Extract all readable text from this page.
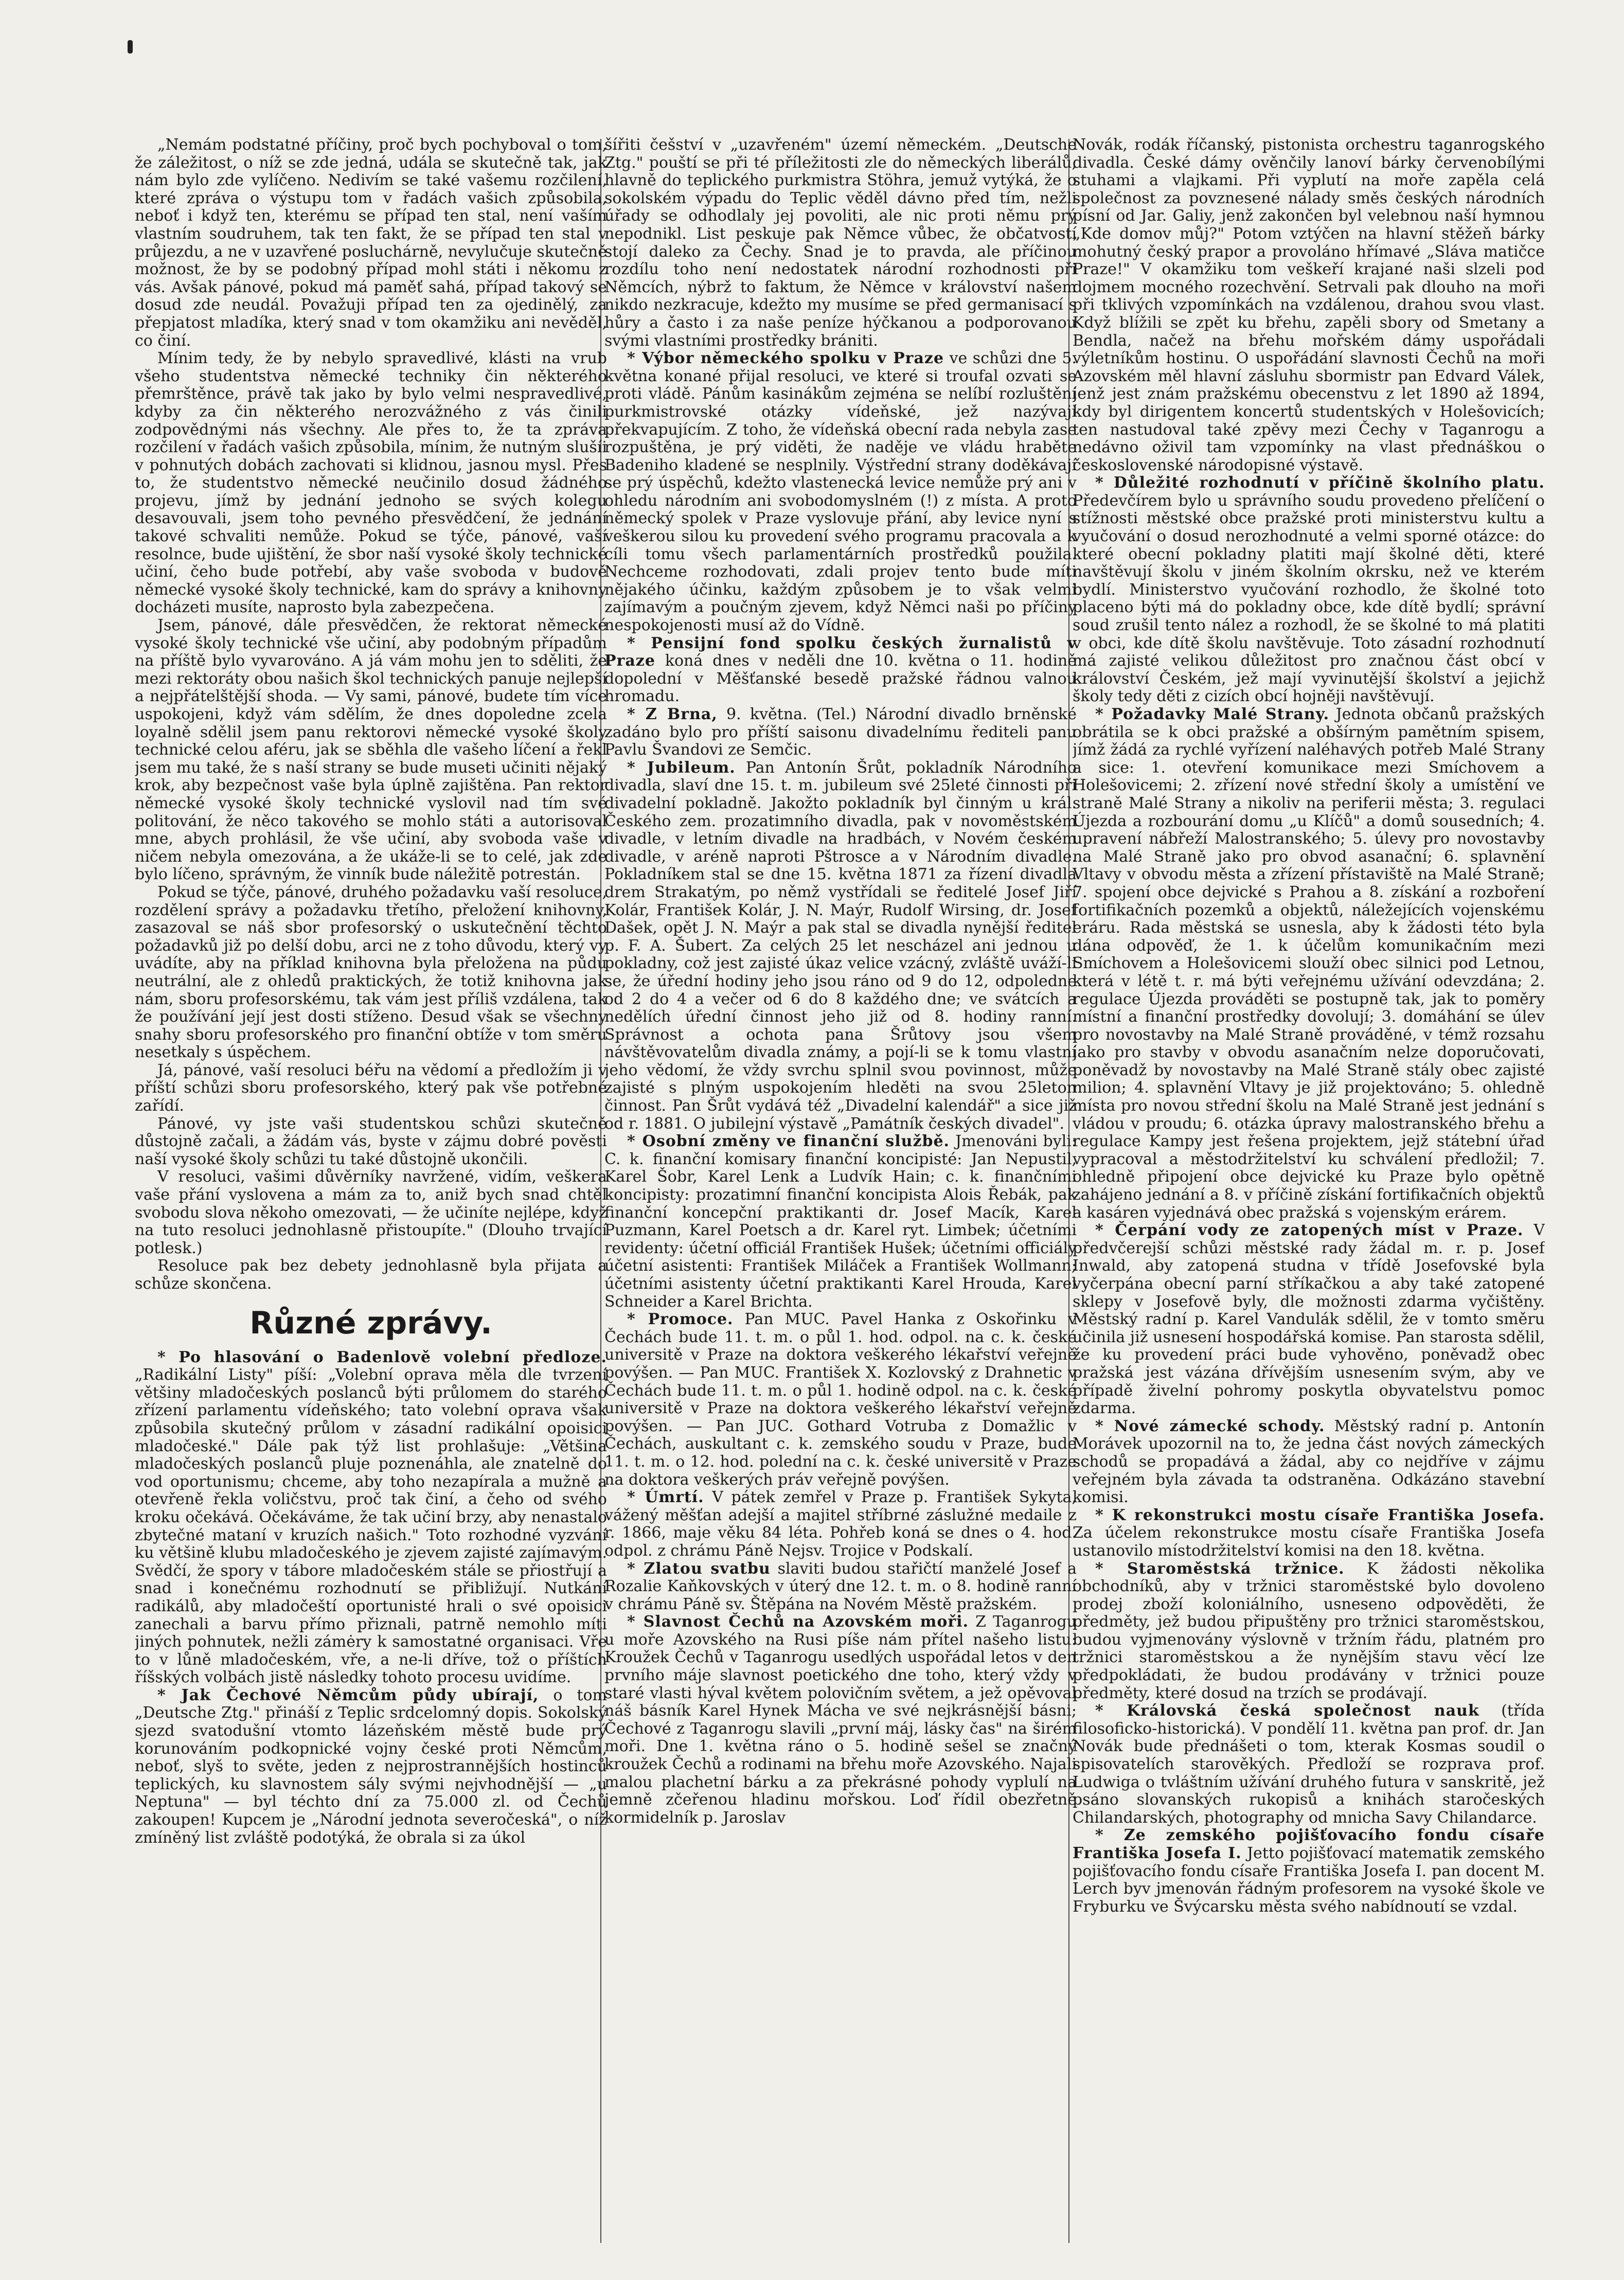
„Nemám podstatné příčiny, proč bych pochyboval o tom, že záležitost, o níž se zde jedná, udála se skutečně tak, jak nám bylo zde vylíčeno. Nedivím se také vašemu rozčilení, které zpráva o výstupu tom v řadách vašich způsobila, neboť i když ten, kterému se případ ten stal, není vaším vlastním soudruhem, tak ten fakt, že se případ ten stal v průjezdu, a ne v uzavřené posluchárně, nevylučuje skutečně možnost, že by se podobný případ mohl státi i někomu z vás. Avšak pánové, pokud má paměť sahá, případ takový se dosud zde neudál. Považuji případ ten za ojedinělý, za přepjatost mladíka, který snad v tom okamžiku ani nevěděl, co činí.

Mínim tedy, že by nebylo spravedlivé, klásti na vrub všeho studentstva německé techniky čin některého přemrštěnce, právě tak jako by bylo velmi nespravedlivé, kdyby za čin některého nerozvážného z vás činili zodpovědnými nás všechny. Ale přes to, že ta zpráva rozčilení v řadách vašich způsobila, mínim, že nutným slušíi v pohnutých dobách zachovati si klidnou, jasnou mysl. Přes to, že studentstvo německé neučinilo dosud žádného projevu, jímž by jednání jednoho se svých kolegu desavouvali, jsem toho pevného přesvědčení, že jednání takové schvaliti nemůže. Pokud se týče, pánové, vaší resolnce, bude ujištění, že sbor naší vysoké školy technické učiní, čeho bude potřebí, aby vaše svoboda v budově německé vysoké školy technické, kam do správy a knihovny docházeti musíte, naprosto byla zabezpečena.

Jsem, pánové, dále přesvědčen, že rektorat německé vysoké školy technické vše učiní, aby podobným případům na příště bylo vyvarováno. A já vám mohu jen to sděliti, že mezi rektoráty obou našich škol technických panuje nejlepší a nejpřátelštější shoda. — Vy sami, pánové, budete tím více uspokojeni, když vám sdělím, že dnes dopoledne zcela loyalně sdělil jsem panu rektorovi německé vysoké školy technické celou aféru, jak se sběhla dle vašeho líčení a řekl jsem mu také, že s naší strany se bude museti učiniti nějaký krok, aby bezpečnost vaše byla úplně zajištěna. Pan rektor německé vysoké školy technické vyslovil nad tím své politování, že něco takového se mohlo státi a autorisoval mne, abych prohlásil, že vše učiní, aby svoboda vaše v ničem nebyla omezována, a že ukáže-li se to celé, jak zde bylo líčeno, správným, že vinník bude náležitě potrestán.

Pokud se týče, pánové, druhého požadavku vaší resoluce, rozdělení správy a požadavku třetího, přeložení knihovny, zasazoval se náš sbor profesorský o uskutečnění těchto požadavků již po delší dobu, arci ne z toho důvodu, který vy uvádíte, aby na příklad knihovna byla přeložena na půdu neutrální, ale z ohledů praktických, že totiž knihovna jak nám, sboru profesorskému, tak vám jest příliš vzdálena, tak že používání její jest dosti stíženo. Desud však se všechny snahy sboru profesorského pro finanční obtíže v tom směru nesetkaly s úspěchem.

Já, pánové, vaší resoluci béřu na vědomí a předložím ji v příští schůzi sboru profesorského, který pak vše potřebné zařídí.

Pánové, vy jste vaši studentskou schůzi skutečně důstojně začali, a žádám vás, byste v zájmu dobré pověsti naší vysoké školy schůzi tu také důstojně ukončili.

V resoluci, vašimi důvěrníky navržené, vidím, veškera vaše přání vyslovena a mám za to, aniž bych snad chtěl svobodu slova někoho omezovati, — že učiníte nejlépe, když na tuto resoluci jednohlasně přistoupíte." (Dlouho trvající potlesk.)

Resoluce pak bez debety jednohlasně byla přijata a schůze skončena.

Různé zprávy.

* Po hlasování o Badenlově volební předloze. „Radikální Listy" píší: „Volební oprava měla dle tvrzení většiny mladočeských poslanců býti průlomem do starého zřízení parlamentu vídeňského; tato volební oprava však způsobila skutečný průlom v zásadní radikální opoisici mladočeské." Dále pak týž list prohlašuje: „Většina mladočeských poslanců pluje poznenáhla, ale znatelně do vod oportunismu; chceme, aby toho nezapírala a mužně a otevřeně řekla voličstvu, proč tak činí, a čeho od svého kroku očekává. Očekáváme, že tak učiní brzy, aby nenastalo zbytečné mataní v kruzích našich." Toto rozhodné vyzvání ku většině klubu mladočeského je zjevem zajisté zajímavým. Svědčí, že spory v tábore mladočeském stále se přiostřují a snad i konečnému rozhodnutí se přibližují. Nutkání radikálů, aby mladočeští oportunisté hrali o své opoisici zanechali a barvu přímo přiznali, patrně nemohlo míti jiných pohnutek, nežli zámėry k samostatné organisaci. Vře to v lůně mladočeském, vře, a ne-li dříve, tož o příštích říšských volbách jistě následky tohoto procesu uvidíme.

* Jak Čechové Němcům půdy ubírají, o tom „Deutsche Ztg." přináší z Teplic srdcelomný dopis. Sokolský sjezd svatodušní vtomto lázeňském městě bude prý korunováním podkopnické vojny české proti Němcům, neboť, slyš to světe, jeden z nejprostrannějších hostinců teplických, ku slavnostem sály svými nejvhodnější — „u Neptuna" — byl téchto dní za 75.000 zl. od Čechů zakoupen! Kupcem je „Národní jednota severočeská", o níž zmíněný list zvláště podotýká, že obrala si za úkol

šířiti češství v „uzavřeném" území německém. „Deutsche Ztg." pouští se při té příležitosti zle do německých liberálů, hlavně do teplického purkmistra Stöhra, jemuž vytýká, že o sokolském výpadu do Teplic věděl dávno před tím, nežli úřady se odhodlaly jej povoliti, ale nic proti němu prý nepodnikl. List peskuje pak Němce vůbec, že občatvostí stojí daleko za Čechy. Snad je to pravda, ale příčinou rozdílu toho není nedostatek národní rozhodnosti při Němcích, nýbrž to faktum, že Němce v království našem nikdo nezkracuje, kdežto my musíme se před germanisací s hůry a často i za naše peníze hýčkanou a podporovanou svými vlastními prostředky brániti.

* Výbor německého spolku v Praze ve schůzi dne 5. května konané přijal resoluci, ve které si troufal ozvati se proti vládě. Pánům kasinákům zejména se nelíbí rozluštění purkmistrovské otázky vídeňské, jež nazývají překvapujícím. Z toho, že vídeňská obecní rada nebyla zase rozpuštěna, je prý viděti, že naděje ve vládu hraběte Badeniho kladené se nesplnily. Výstřední strany doděkávají se prý úspěchů, kdežto vlastenecká levice nemůže prý ani v ohledu národním ani svobodomyslném (!) z místa. A proto německý spolek v Praze vyslovuje přání, aby levice nyní s veškerou silou ku provedení svého programu pracovala a k cíli tomu všech parlamentárních prostředků použila. Nechceme rozhodovati, zdali projev tento bude míti nějakého účinku, každým způsobem je to však velmi zajímavým a poučným zjevem, když Němci naši po příčiny nespokojenosti musí až do Vídně.

* Pensijní fond spolku českých žurnalistů v Praze koná dnes v neděli dne 10. května o 11. hodině dopolední v Měšťanské besedě pražské řádnou valnou hromadu.

* Z Brna, 9. května. (Tel.) Národní divadlo brněnské zadáno bylo pro příští saisonu divadelnímu řediteli panu Pavlu Švandovi ze Semčic.

* Jubileum. Pan Antonín Šrůt, pokladník Národního divadla, slaví dne 15. t. m. jubileum své 25leté činnosti při divadelní pokladně. Jakožto pokladník byl činným u král. Českého zem. prozatimního divadla, pak v novoměstském divadle, v letním divadle na hradbách, v Novém českém divadle, v aréně naproti Pštrosce a v Národním divadle. Pokladníkem stal se dne 15. května 1871 za řízení divadla drem Strakatým, po němž vystřídali se ředitelé Josef Jiří Kolár, František Kolár, J. N. Maýr, Rudolf Wirsing, dr. Josef Dašek, opět J. N. Maýr a pak stal se divadla nynější ředitel p. F. A. Šubert. Za celých 25 let nescházel ani jednou u pokladny, což jest zajisté úkaz velice vzácný, zvláště uváží-li se, že úřední hodiny jeho jsou ráno od 9 do 12, odpoledne od 2 do 4 a večer od 6 do 8 každého dne; ve svátcích a nedělích úřední činnost jeho již od 8. hodiny ranní. Správnost a ochota pana Šrůtovy jsou všem návštěvovatelům divadla známy, a pojí-li se k tomu vlastní jeho vědomí, že vždy svrchu splnil svou povinnost, může zajisté s plným uspokojením hleděti na svou 25leton činnost. Pan Šrůt vydává též „Divadelní kalendář" a sice již od r. 1881. O jubilejní výstavě „Památník českých divadel".

* Osobní změny ve finanční službě. Jmenováni byli: C. k. finanční komisary finanční koncipisté: Jan Nepustil, Karel Šobr, Karel Lenk a Ludvík Hain; c. k. finančními koncipisty: prozatimní finanční koncipista Alois Řebák, pak finanční koncepční praktikanti dr. Josef Macík, Karel Puzmann, Karel Poetsch a dr. Karel ryt. Limbek; účetními revidenty: účetní officiál František Hušek; účetními officiály účetní asistenti: František Miláček a František Wollmann; účetními asistenty účetní praktikanti Karel Hrouda, Karel Schneider a Karel Brichta.

* Promoce. Pan MUC. Pavel Hanka z Oskořinku v Čechách bude 11. t. m. o půl 1. hod. odpol. na c. k. české universitě v Praze na doktora veškerého lékařství veřejně povýšen. — Pan MUC. František X. Kozlovský z Drahnetic v Čechách bude 11. t. m. o půl 1. hodině odpol. na c. k. české universitě v Praze na doktora veškerého lékařství veřejně povýšen. — Pan JUC. Gothard Votruba z Domažlic v Čechách, auskultant c. k. zemského soudu v Praze, bude 11. t. m. o 12. hod. polední na c. k. české universitě v Praze na doktora veškerých práv veřejně povýšen.

* Úmrtí. V pátek zemřel v Praze p. František Sykyta, vážený měšťan adejší a majitel stříbrné záslužné medaile z r. 1866, maje věku 84 léta. Pohřeb koná se dnes o 4. hod. odpol. z chrámu Páně Nejsv. Trojice v Podskalí.

* Zlatou svatbu slaviti budou stařičtí manželé Josef a Rozalie Kaňkovských v úterý dne 12. t. m. o 8. hodině ranní v chrámu Páně sv. Štěpána na Novém Městě pražském.

* Slavnost Čechů na Azovském moři. Z Taganrogu u moře Azovského na Rusi píše nám přítel našeho listu: Kroužek Čechů v Taganrogu usedlých uspořádal letos v den prvního máje slavnost poetického dne toho, který vždy v staré vlasti hýval květem polovičním světem, a jež opěvoval náš básník Karel Hynek Mácha ve své nejkrásnější básni; Čechové z Taganrogu slavili „první máj, lásky čas" na širém moři. Dne 1. května ráno o 5. hodině sešel se značný kroužek Čechů a rodinami na břehu moře Azovského. Najali malou plachetní bárku a za překrásné pohody vyplulí na jemně zčeřenou hladinu mořskou. Loď řídil obezřetně kormidelník p. Jaroslav

Novák, rodák říčanský, pistonista orchestru taganrogského divadla. České dámy ověnčily lanoví bárky červenobílými stuhami a vlajkami. Při vyplutí na moře zapěla celá společnost za povznesené nálady směs českých národních písní od Jar. Galiy, jenž zakončen byl velebnou naší hymnou „Kde domov můj?" Potom vztýčen na hlavní stěžeň bárky mohutný český prapor a provoláno hřímavé „Sláva matičce Praze!" V okamžiku tom veškeří krajané naši slzeli pod dojmem mocného rozechvění. Setrvali pak dlouho na moři při tklivých vzpomínkách na vzdálenou, drahou svou vlast. Když blížili se zpět ku břehu, zapěli sbory od Smetany a Bendla, načež na břehu mořském dámy uspořádali výletníkům hostinu. O uspořádání slavnosti Čechů na moři Azovském měl hlavní zásluhu sbormistr pan Edvard Válek, jenž jest znám pražskému obecenstvu z let 1890 až 1894, kdy byl dirigentem koncertů studentských v Holešovicích; ten nastudoval také zpěvy mezi Čechy v Taganrogu a nedávno oživil tam vzpomínky na vlast přednáškou o československé národopisné výstavě.

* Důležité rozhodnutí v příčině školního platu. Předevčírem bylo u správního soudu provedeno přelíčení o stížnosti městské obce pražské proti ministerstvu kultu a vyučování o dosud nerozhodnuté a velmi sporné otázce: do které obecní pokladny platiti mají školné děti, které navštěvují školu v jiném školním okrsku, než ve kterém bydlí. Ministerstvo vyučování rozhodlo, že školné toto placeno býti má do pokladny obce, kde dítě bydlí; správní soud zrušil tento nález a rozhodl, že se školné to má platiti v obci, kde dítě školu navštěvuje. Toto zásadní rozhodnutí má zajisté velikou důležitost pro značnou část obcí v království Českém, jež mají vyvinutější školství a jejichž školy tedy děti z cizích obcí hojněji navštěvují.

* Požadavky Malé Strany. Jednota občanů pražských obrátila se k obci pražské a obšírným pamětním spisem, jímž žádá za rychlé vyřízení naléhavých potřeb Malé Strany a sice: 1. otevření komunikace mezi Smíchovem a Holešovicemi; 2. zřízení nové střední školy a umístění ve straně Malé Strany a nikoliv na periferii města; 3. regulaci Újezda a rozbourání domu „u Klíčů" a domů sousedních; 4. upravení nábřeží Malostranského; 5. úlevy pro novostavby na Malé Straně jako pro obvod asanační; 6. splavnění Vltavy v obvodu města a zřízení přístaviště na Malé Straně; 7. spojení obce dejvické s Prahou a 8. získání a rozboření fortifikačních pozemků a objektů, náležejících vojenskému eráru. Rada městská se usnesla, aby k žádosti této byla dána odpověď, že 1. k účelům komunikačním mezi Smíchovem a Holešovicemi slouží obec silnici pod Letnou, která v létě t. r. má býti veřejnému užívání odevzdána; 2. regulace Újezda prováděti se postupně tak, jak to poměry místní a finanční prostředky dovolují; 3. domáhání se úlev pro novostavby na Malé Straně prováděné, v témž rozsahu jako pro stavby v obvodu asanačním nelze doporučovati, poněvadž by novostavby na Malé Straně stály obec zajisté milion; 4. splavnění Vltavy je již projektováno; 5. ohledně místa pro novou střední školu na Malé Straně jest jednání s vládou v proudu; 6. otázka úpravy malostranského břehu a regulace Kampy jest řešena projektem, jejž státební úřad vypracoval a městodržitelství ku schválení předložil; 7. ohledně připojení obce dejvické ku Praze bylo opětně zahájeno jednání a 8. v příčině získání fortifikačních objektů a kasáren vyjednává obec pražská s vojenským erárem.

* Čerpání vody ze zatopených míst v Praze. V předvčerejší schůzi městské rady žádal m. r. p. Josef Inwald, aby zatopená studna v třídě Josefovské byla vyčerpána obecní parní stříkačkou a aby také zatopené sklepy v Josefově byly, dle možnosti zdarma vyčištěny. Městský radní p. Karel Vandulák sdělil, že v tomto směru učinila již usnesení hospodářská komise. Pan starosta sdělil, že ku provedení práci bude vyhověno, poněvadž obec pražská jest vázána dřívějším usnesením svým, aby ve případě živelní pohromy poskytla obyvatelstvu pomoc zdarma.

* Nové zámecké schody. Městský radní p. Antonín Morávek upozornil na to, že jedna část nových zámeckých schodů se propadává a žádal, aby co nejdříve v zájmu veřejném byla závada ta odstraněna. Odkázáno stavební komisi.

* K rekonstrukci mostu císaře Františka Josefa. Za účelem rekonstrukce mostu císaře Františka Josefa ustanovilo místodržitelství komisi na den 18. května.

* Staroměstská tržnice. K žádosti několika obchodníků, aby v tržnici staroměstské bylo dovoleno prodej zboží koloniálního, usneseno odpověděti, že předměty, jež budou připuštěny pro tržnici staroměstskou, budou vyjmenovány výslovně v tržním řádu, platném pro tržnici staroměstskou a že nynějším stavu věcí lze předpokládati, že budou prodávány v tržnici pouze předměty, které dosud na trzích se prodávají.

* Královská česká společnost nauk (třída filosoficko-historická). V pondělí 11. května pan prof. dr. Jan Novák bude přednášeti o tom, kterak Kosmas soudil o spisovatelích starověkých. Předloží se rozprava prof. Ludwiga o tvláštním užívání druhého futura v sanskritě, jež psáno slovanských rukopisů a knihách staročeských Chilandarských, photography od mnicha Savy Chilandarce.

* Ze zemského pojišťovacího fondu císaře Františka Josefa I. Jetto pojišťovací matematik zemského pojišťovacího fondu císaře Františka Josefa I. pan docent M. Lerch byv jmenován řádným profesorem na vysoké škole ve Fryburku ve Švýcarsku města svého nabídnoutí se vzdal.
